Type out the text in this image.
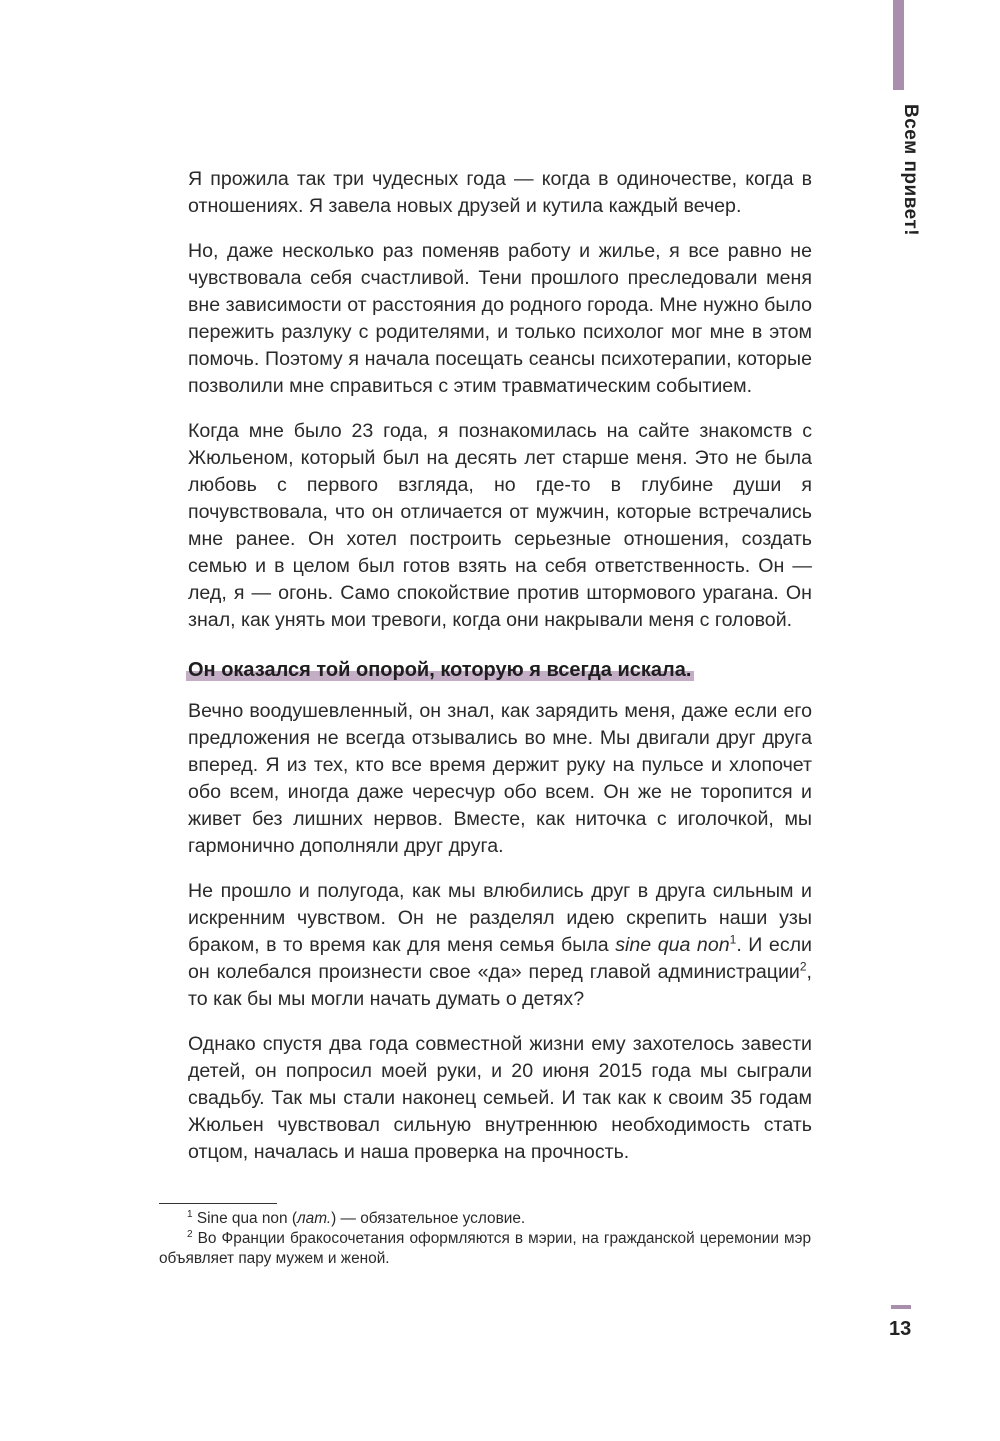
Всем привет!

Я прожила так три чудесных года — когда в одиночестве, когда в отношениях. Я завела новых друзей и кутила каждый вечер.

Но, даже несколько раз поменяв работу и жилье, я все равно не чувствовала себя счастливой. Тени прошлого преследовали меня вне зависимости от расстояния до родного города. Мне нужно было пережить разлуку с родителями, и только психолог мог мне в этом помочь. Поэтому я начала посещать сеансы психотерапии, которые позволили мне справиться с этим травматическим событием.

Когда мне было 23 года, я познакомилась на сайте знакомств с Жюльеном, который был на десять лет старше меня. Это не была любовь с первого взгляда, но где-то в глубине души я почувствовала, что он отличается от мужчин, которые встречались мне ранее. Он хотел построить серьезные отношения, создать семью и в целом был готов взять на себя ответственность. Он — лед, я — огонь. Само спокойствие против штормового урагана. Он знал, как унять мои тревоги, когда они накрывали меня с головой.

Он оказался той опорой, которую я всегда искала.

Вечно воодушевленный, он знал, как зарядить меня, даже если его предложения не всегда отзывались во мне. Мы двигали друг друга вперед. Я из тех, кто все время держит руку на пульсе и хлопочет обо всем, иногда даже чересчур обо всем. Он же не торопится и живет без лишних нервов. Вместе, как ниточка с иголочкой, мы гармонично дополняли друг друга.

Не прошло и полугода, как мы влюбились друг в друга сильным и искренним чувством. Он не разделял идею скрепить наши узы браком, в то время как для меня семья была sine qua non$^1$. И если он колебался произнести свое «да» перед главой администрации$^2$, то как бы мы могли начать думать о детях?

Однако спустя два года совместной жизни ему захотелось завести детей, он попросил моей руки, и 20 июня 2015 года мы сыграли свадьбу. Так мы стали наконец семьей. И так как к своим 35 годам Жюльен чувствовал сильную внутреннюю необходимость стать отцом, началась и наша проверка на прочность.

$^1$ Sine qua non (лат.) — обязательное условие.

$^2$ Во Франции бракосочетания оформляются в мэрии, на гражданской церемонии мэр объявляет пару мужем и женой.

13
